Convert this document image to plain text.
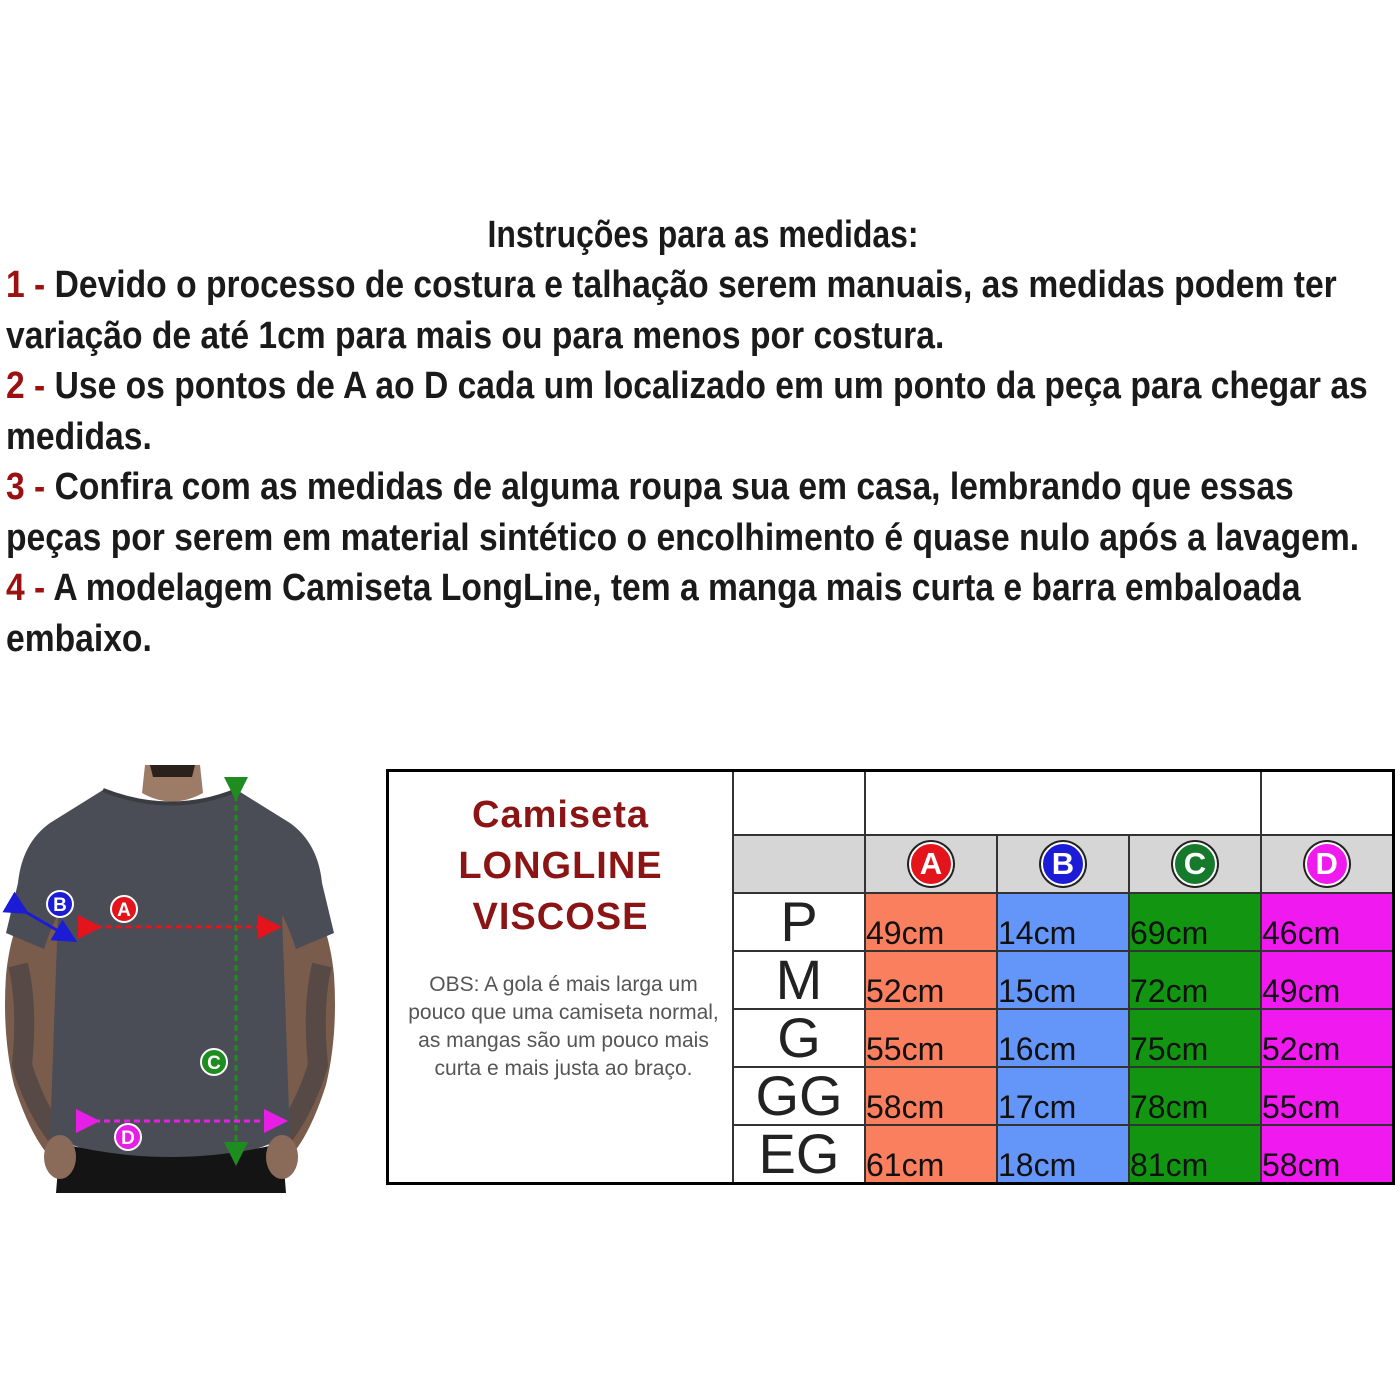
Instruções para as medidas:
1 - Devido o processo de costura e talhação serem manuais, as medidas podem ter variação de até 1cm para mais ou para menos por costura.
2 - Use os pontos de A ao D cada um localizado em um ponto da peça para chegar as medidas.
3 - Confira com as medidas de alguma roupa sua em casa, lembrando que essas peças por serem em material sintético o encolhimento é quase nulo após a lavagem.
4 - A modelagem Camiseta LongLine, tem a manga mais curta e barra embaloada embaixo.
A
B
C
D
Camiseta
LONGLINE
VISCOSE
OBS: A gola é mais larga um pouco que uma camiseta normal, as mangas são um pouco mais curta e mais justa ao braço.					

		A	B	C	D
	P	49cm	14cm	69cm	46cm
	M	52cm	15cm	72cm	49cm
	G	55cm	16cm	75cm	52cm
	GG	58cm	17cm	78cm	55cm
	EG	61cm	18cm	81cm	58cm
